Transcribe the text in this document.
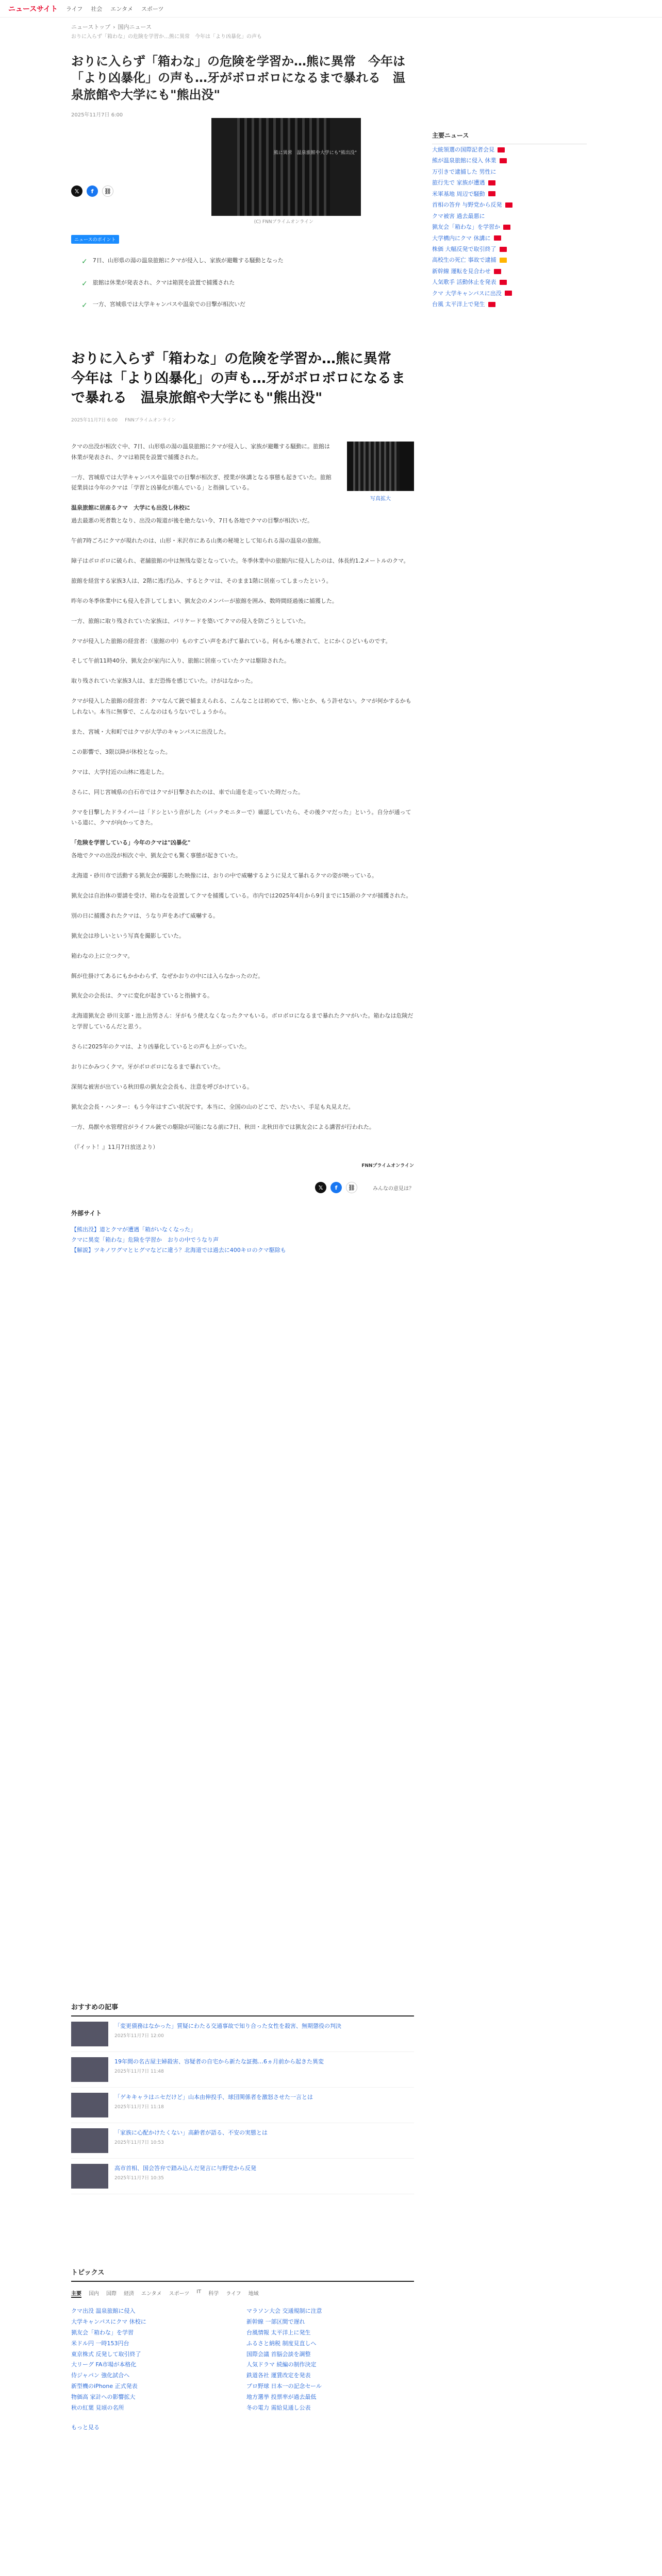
ニュースサイト ライフ 社会 エンタメ スポーツ
ニューストップ › 国内ニュース
おりに入らず「箱わな」の危険を学習か…熊に異常　今年は「より凶暴化」の声も
おりに入らず「箱わな」の危険を学習か…熊に異常　今年は「より凶暴化」の声も…牙がボロボロになるまで暴れる　温泉旅館や大学にも"熊出没"
2025年11月7日 6:00
𝕏	f	⛓
熊に異常　温泉旅館や大学にも"熊出没"
(C) FNNプライムオンライン
ニュースのポイント
✓ 7日、山形県の湯の温泉旅館にクマが侵入し、家族が避難する騒動となった
✓ 旅館は休業が発表され、クマは箱罠を設置で捕獲された
✓ 一方、宮城県では大学キャンパスや温泉での目撃が相次いだ
おりに入らず「箱わな」の危険を学習か…熊に異常　今年は「より凶暴化」の声も…牙がボロボロになるまで暴れる　温泉旅館や大学にも"熊出没"
2025年11月7日 6:00 FNNプライムオンライン
写真拡大

クマの出没が相次ぐ中、7日、山形県の湯の温泉旅館にクマが侵入し、家族が避難する騒動に。旅館は休業が発表され、クマは箱罠を設置で捕獲された。

一方、宮城県では大学キャンパスや温泉での目撃が相次ぎ、授業が休講となる事態も起きていた。旅館従業員は今年のクマは「学習と凶暴化が進んでいる」と指摘している。

温泉旅館に居座るクマ　大学にも出没し休校に

過去最悪の死者数となり、出没の報道が後を絶たない今、7日も各地でクマの目撃が相次いだ。

午前7時ごろにクマが現れたのは、山形・米沢市にある山奥の秘境として知られる湯の温泉の旅館。

障子はボロボロに破られ、老舗旅館の中は無残な姿となっていた。冬季休業中の旅館内に侵入したのは、体長約1.2メートルのクマ。

旅館を経営する家族3人は、2階に逃げ込み、するとクマは、そのまま1階に居座ってしまったという。

昨年の冬季休業中にも侵入を許してしまい、猟友会のメンバーが旅館を囲み、数時間経過後に捕獲した。

一方、旅館に取り残されていた家族は、バリケードを築いてクマの侵入を防ごうとしていた。

クマが侵入した旅館の経営者：（旅館の中）ものすごい声をあげて暴れている。何もかも壊されて、とにかくひどいものです。

そして午前11時40分、猟友会が室内に入り、旅館に居座っていたクマは駆除された。

取り残されていた家族3人は、まだ恐怖を感じていた。けがはなかった。

クマが侵入した旅館の経営者：クマなんて銃で捕まえられる、こんなことは初めてで、怖いとか、もう許せない。クマが何かするかもしれない。本当に無事で、こんなのはもうないでしょうから。

また、宮城・大和町ではクマが大学のキャンパスに出没した。

この影響で、3限以降が休校となった。

クマは、大学付近の山林に逃走した。

さらに、同じ宮城県の白石市ではクマが目撃されたのは、車で山道を走っていた時だった。

クマを目撃したドライバーは「ドシという音がした（バックモニターで）確認していたら、その後クマだった」という。自分が通っている道に、クマが向かってきた。

「危険を学習している」今年のクマは"凶暴化"

各地でクマの出没が相次ぐ中、猟友会でも驚く事態が起きていた。

北海道・砂川市で活動する猟友会が撮影した映像には、おりの中で威嚇するように見えて暴れるクマの姿が映っている。

猟友会は自治体の要請を受け、箱わなを設置してクマを捕獲している。市内では2025年4月から9月までに15頭のクマが捕獲された。

別の日に捕獲されたクマは、うなり声をあげて威嚇する。

猟友会は珍しいという写真を撮影していた。

箱わなの上に立つクマ。

餌が仕掛けてあるにもかかわらず、なぜかおりの中には入らなかったのだ。

猟友会の会長は、クマに変化が起きていると指摘する。

北海道猟友会 砂川支部・池上治男さん：牙がもう使えなくなったクマもいる。ボロボロになるまで暴れたクマがいた。箱わなは危険だと学習しているんだと思う。

さらに2025年のクマは、より凶暴化しているとの声も上がっていた。

おりにかみつくクマ。牙がボロボロになるまで暴れていた。

深刻な被害が出ている秋田県の猟友会会長も、注意を呼びかけている。

猟友会会長・ハンター：もう今年はすごい状況です。本当に、全国の山のどこで、だいたい、手足も丸見えだ。

一方、鳥獣や水管理官がライフル銃での駆除が可能になる前に7日、秋田・北秋田市では猟友会による講習が行われた。

（『イット！』11月7日放送より）

FNNプライムオンライン
𝕏	f	⛓	みんなの意見は？
外部サイト
【熊出没】道とクマが遭遇「箱がいなくなった」
クマに異変「箱わな」危険を学習か　おりの中でうなり声
【解説】ツキノワグマとヒグマなどに違う？北海道では過去に400キロのクマ駆除も
主要ニュース
大統領選の国際記者会見
熊が温泉旅館に侵入 休業
万引きで逮捕した 男性に
旅行先で 家族が遭遇
米軍基地 周辺で騒動
首相の答弁 与野党から反発
クマ被害 過去最悪に
猟友会「箱わな」を学習か
大学構内にクマ 休講に
株価 大幅反発で取引終了
高校生の死亡 事故で逮捕
新幹線 運転を見合わせ
人気歌手 活動休止を発表
クマ 大学キャンパスに出没
台風 太平洋上で発生
おすすめの記事
「変更債務はなかった」質疑にわたる交通事故で知り合った女性を殺害、無期懲役の判決
2025年11月7日 12:00
19年間の名古屋主婦殺害、容疑者の自宅から新たな証拠…6ヵ月前から起きた異変
2025年11月7日 11:48
「ゲキキャラはニセだけど」山本由伸投手、球団関係者を激怒させた一言とは
2025年11月7日 11:18
「家族に心配かけたくない」高齢者が語る、不安の実態とは
2025年11月7日 10:53
高市首相、国会答弁で踏み込んだ発言に与野党から反発
2025年11月7日 10:35
トピックス
主要 国内 国際 経済 エンタメ スポーツ IT 科学 ライフ 地域
クマ出没 温泉旅館に侵入
大学キャンパスにクマ 休校に
猟友会「箱わな」を学習
米ドル円 一時153円台
東京株式 反発して取引終了
大リーグ FA市場が本格化
侍ジャパン 強化試合へ
新型機のiPhone 正式発表
物価高 家計への影響拡大
秋の紅葉 見頃の名所
マラソン大会 交通規制に注意
新幹線 一部区間で遅れ
台風情報 太平洋上に発生
ふるさと納税 制度見直しへ
国際会議 首脳会談を調整
人気ドラマ 続編の制作決定
鉄道各社 運賃改定を発表
プロ野球 日本一の記念セール
地方選挙 投票率が過去最低
冬の電力 需給見通し公表
もっと見る
